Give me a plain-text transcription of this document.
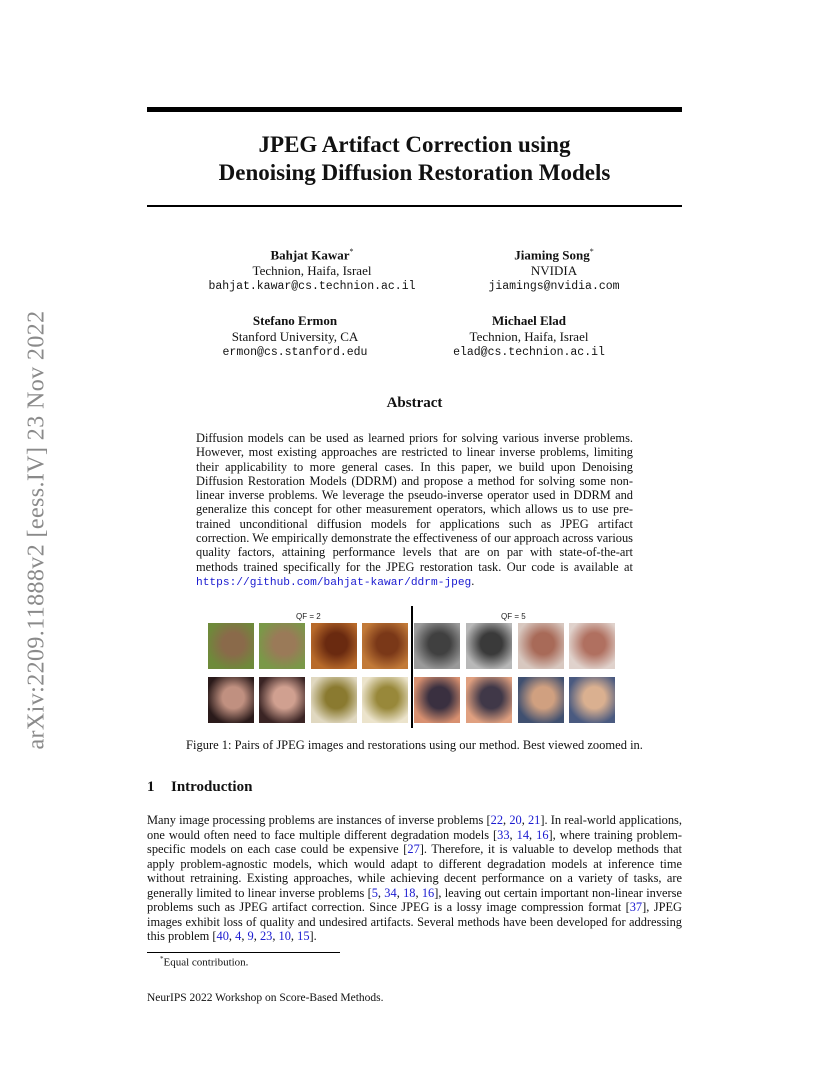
arXiv:2209.11888v2 [eess.IV] 23 Nov 2022
JPEG Artifact Correction using
Denoising Diffusion Restoration Models
Bahjat Kawar*
Technion, Haifa, Israel
bahjat.kawar@cs.technion.ac.il
Jiaming Song*
NVIDIA
jiamings@nvidia.com
Stefano Ermon
Stanford University, CA
ermon@cs.stanford.edu
Michael Elad
Technion, Haifa, Israel
elad@cs.technion.ac.il
Abstract
Diffusion models can be used as learned priors for solving various inverse problems. However, most existing approaches are restricted to linear inverse problems, limiting their applicability to more general cases. In this paper, we build upon Denoising Diffusion Restoration Models (DDRM) and propose a method for solving some non-linear inverse problems. We leverage the pseudo-inverse operator used in DDRM and generalize this concept for other measurement operators, which allows us to use pre-trained unconditional diffusion models for applications such as JPEG artifact correction. We empirically demonstrate the effectiveness of our approach across various quality factors, attaining performance levels that are on par with state-of-the-art methods trained specifically for the JPEG restoration task. Our code is available at https://github.com/bahjat-kawar/ddrm-jpeg.
QF = 2	QF = 5
Figure 1: Pairs of JPEG images and restorations using our method. Best viewed zoomed in.
1 Introduction
Many image processing problems are instances of inverse problems [22, 20, 21]. In real-world applications, one would often need to face multiple different degradation models [33, 14, 16], where training problem-specific models on each case could be expensive [27]. Therefore, it is valuable to develop methods that apply problem-agnostic models, which would adapt to different degradation models at inference time without retraining. Existing approaches, while achieving decent performance on a variety of tasks, are generally limited to linear inverse problems [5, 34, 18, 16], leaving out certain important non-linear inverse problems such as JPEG artifact correction. Since JPEG is a lossy image compression format [37], JPEG images exhibit loss of quality and undesired artifacts. Several methods have been developed for addressing this problem [40, 4, 9, 23, 10, 15].
*Equal contribution.
NeurIPS 2022 Workshop on Score-Based Methods.
